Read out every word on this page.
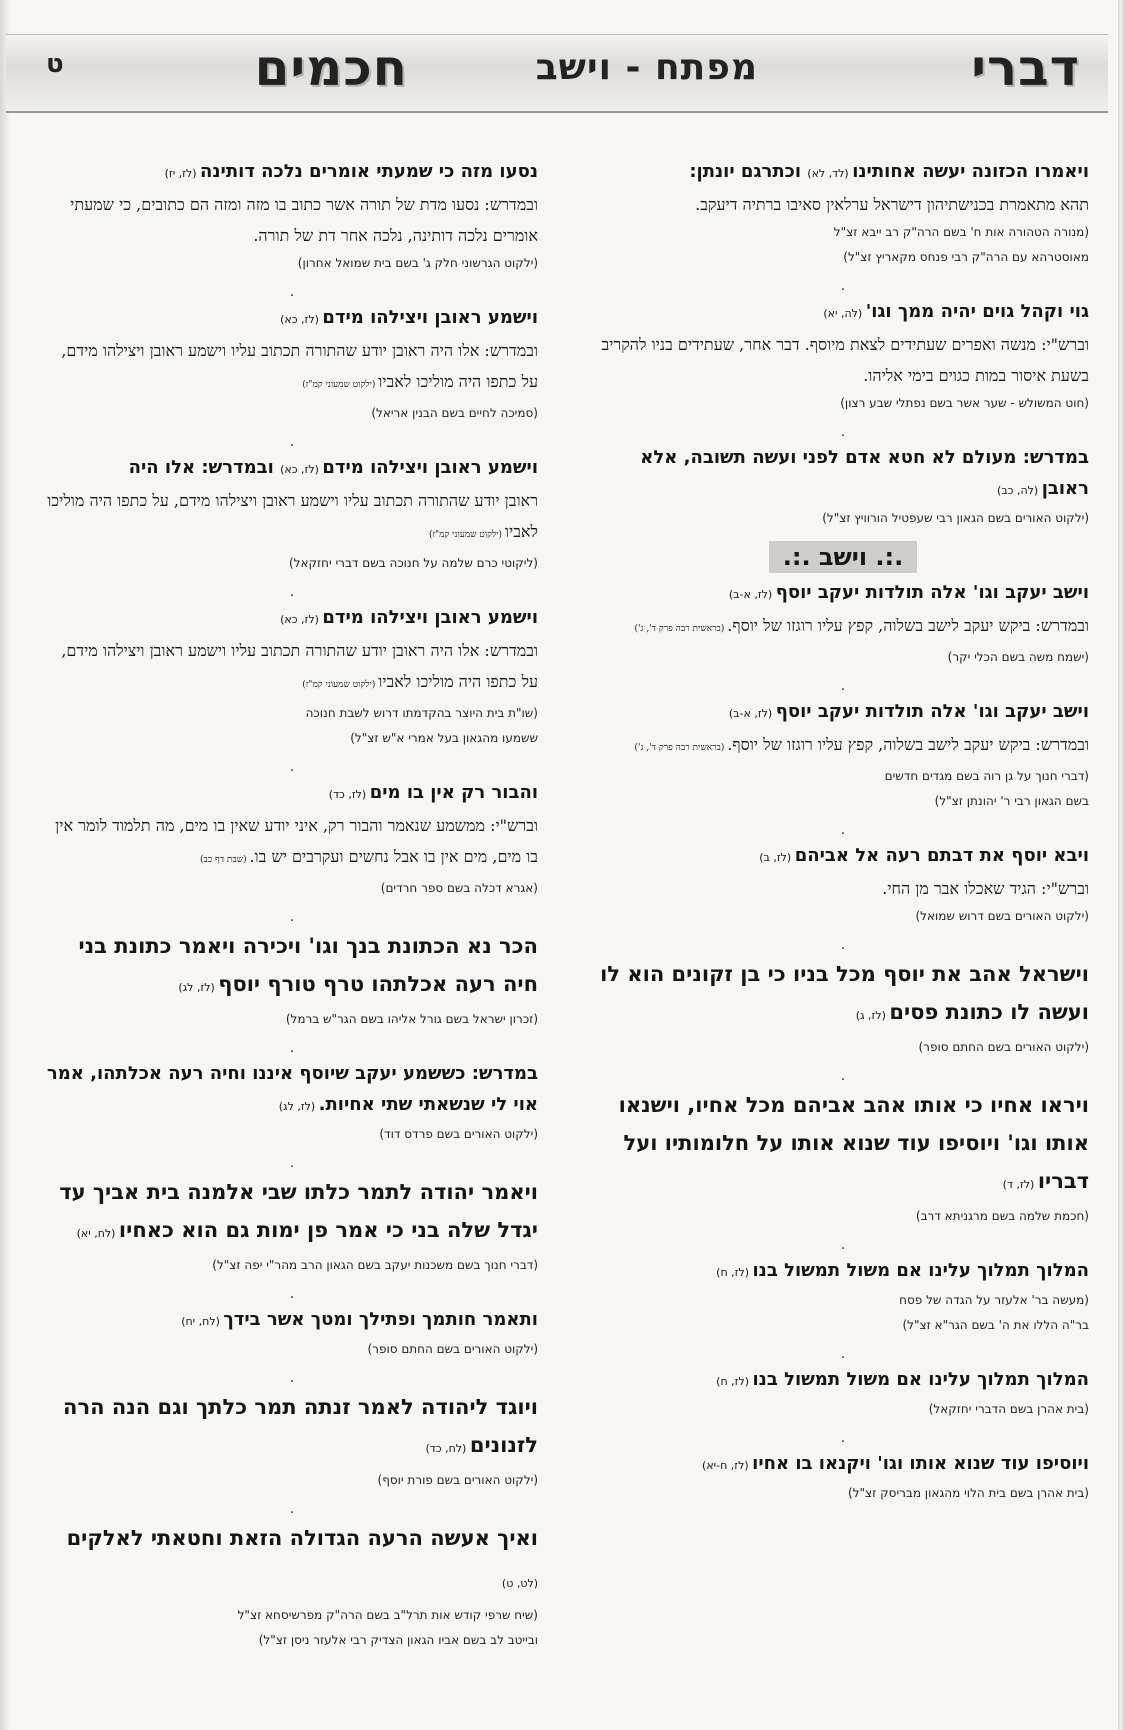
דברי
מפתח - וישב
חכמים
ט
ויאמרו הכזונה יעשה אחותינו (לד, לא) וכתרגם יונתן:
תהא מתאמרת בכנישתיהון דישראל ערלאין סאיבו ברתיה דיעקב.
(מנורה הטהורה אות ח' בשם הרה"ק רב ייבא זצ"ל
מאוסטרהא עם הרה"ק רבי פנחס מקאריץ זצ"ל)
.
גוי וקהל גוים יהיה ממך וגו' (לה, יא)
וברש"י: מנשה ואפרים שעתידים לצאת מיוסף. דבר אחר, שעתידים בניו להקריב בשעת איסור במות כגוים בימי אליהו.
(חוט המשולש - שער אשר בשם נפתלי שבע רצון)
.
במדרש: מעולם לא חטא אדם לפני ועשה תשובה, אלא ראובן (לה, כב)
(ילקוט האורים בשם הגאון רבי שעפטיל הורוויץ זצ"ל)
.:. וישב .:.
וישב יעקב וגו' אלה תולדות יעקב יוסף (לז, א-ב)
ובמדרש: ביקש יעקב לישב בשלוה, קפץ עליו רוגזו של יוסף. (בראשית רבה פרק ד', ג')
(ישמח משה בשם הכלי יקר)
.
וישב יעקב וגו' אלה תולדות יעקב יוסף (לז, א-ב)
ובמדרש: ביקש יעקב לישב בשלוה, קפץ עליו רוגזו של יוסף. (בראשית רבה פרק ד', ג')
(דברי חנוך על גן רוה בשם מגדים חדשים
בשם הגאון רבי ר' יהונתן זצ"ל)
.
ויבא יוסף את דבתם רעה אל אביהם (לז, ב)
וברש"י: הגיד שאכלו אבר מן החי.
(ילקוט האורים בשם דרוש שמואל)
.
וישראל אהב את יוסף מכל בניו כי בן זקונים הוא לו ועשה לו כתונת פסים (לז, ג)
(ילקוט האורים בשם החתם סופר)
.
ויראו אחיו כי אותו אהב אביהם מכל אחיו, וישנאו אותו וגו' ויוסיפו עוד שנוא אותו על חלומותיו ועל דבריו (לז, ד)
(חכמת שלמה בשם מרגניתא דרב)
.
המלוך תמלוך עלינו אם משול תמשול בנו (לז, ח)
(מעשה בר' אלעזר על הגדה של פסח
בר"ה הללו את ה' בשם הגר"א זצ"ל)
.
המלוך תמלוך עלינו אם משול תמשול בנו (לז, ח)
(בית אהרן בשם הדברי יחזקאל)
.
ויוסיפו עוד שנוא אותו וגו' ויקנאו בו אחיו (לז, ח-יא)
(בית אהרן בשם בית הלוי מהגאון מבריסק זצ"ל)
נסעו מזה כי שמעתי אומרים נלכה דותינה (לז, יז)
ובמדרש: נסעו מדת של תורה אשר כתוב בו מזה ומזה הם כתובים, כי שמעתי אומרים נלכה דותינה, נלכה אחר דת של תורה.
(ילקוט הגרשוני חלק ג' בשם בית שמואל אחרון)
.
וישמע ראובן ויצילהו מידם (לז, כא)
ובמדרש: אלו היה ראובן יודע שהתורה תכתוב עליו וישמע ראובן ויצילהו מידם, על כתפו היה מוליכו לאביו (ילקוט שמעוני קמ"ז)
(סמיכה לחיים בשם הבנין אריאל)
.
וישמע ראובן ויצילהו מידם (לז, כא) ובמדרש: אלו היה
ראובן יודע שהתורה תכתוב עליו וישמע ראובן ויצילהו מידם, על כתפו היה מוליכו לאביו (ילקוט שמעוני קמ"ז)
(ליקוטי כרם שלמה על חנוכה בשם דברי יחזקאל)
.
וישמע ראובן ויצילהו מידם (לז, כא)
ובמדרש: אלו היה ראובן יודע שהתורה תכתוב עליו וישמע ראובן ויצילהו מידם, על כתפו היה מוליכו לאביו (ילקוט שמעוני קמ"ז)
(שו"ת בית היוצר בהקדמתו דרוש לשבת חנוכה
ששמעו מהגאון בעל אמרי א"ש זצ"ל)
.
והבור רק אין בו מים (לז, כד)
וברש"י: ממשמע שנאמר והבור רק, איני יודע שאין בו מים, מה תלמוד לומר אין בו מים, מים אין בו אבל נחשים ועקרבים יש בו. (שבת דף כב)
(אגרא דכלה בשם ספר חרדים)
.
הכר נא הכתונת בנך וגו' ויכירה ויאמר כתונת בני חיה רעה אכלתהו טרף טורף יוסף (לז, לג)
(זכרון ישראל בשם גורל אליהו בשם הגר"ש ברמל)
.
במדרש: כששמע יעקב שיוסף איננו וחיה רעה אכלתהו, אמר אוי לי שנשאתי שתי אחיות. (לז, לג)
(ילקוט האורים בשם פרדס דוד)
.
ויאמר יהודה לתמר כלתו שבי אלמנה בית אביך עד יגדל שלה בני כי אמר פן ימות גם הוא כאחיו (לח, יא)
(דברי חנוך בשם משכנות יעקב בשם הגאון הרב מהר"י יפה זצ"ל)
.
ותאמר חותמך ופתילך ומטך אשר בידך (לח, יח)
(ילקוט האורים בשם החתם סופר)
.
ויוגד ליהודה לאמר זנתה תמר כלתך וגם הנה הרה לזנונים (לח, כד)
(ילקוט האורים בשם פורת יוסף)
.
ואיך אעשה הרעה הגדולה הזאת וחטאתי לאלקים (לט, ט)
(שיח שרפי קודש אות תרל"ב בשם הרה"ק מפרשיסחא זצ"ל
ובייטב לב בשם אביו הגאון הצדיק רבי אלעזר ניסן זצ"ל)
